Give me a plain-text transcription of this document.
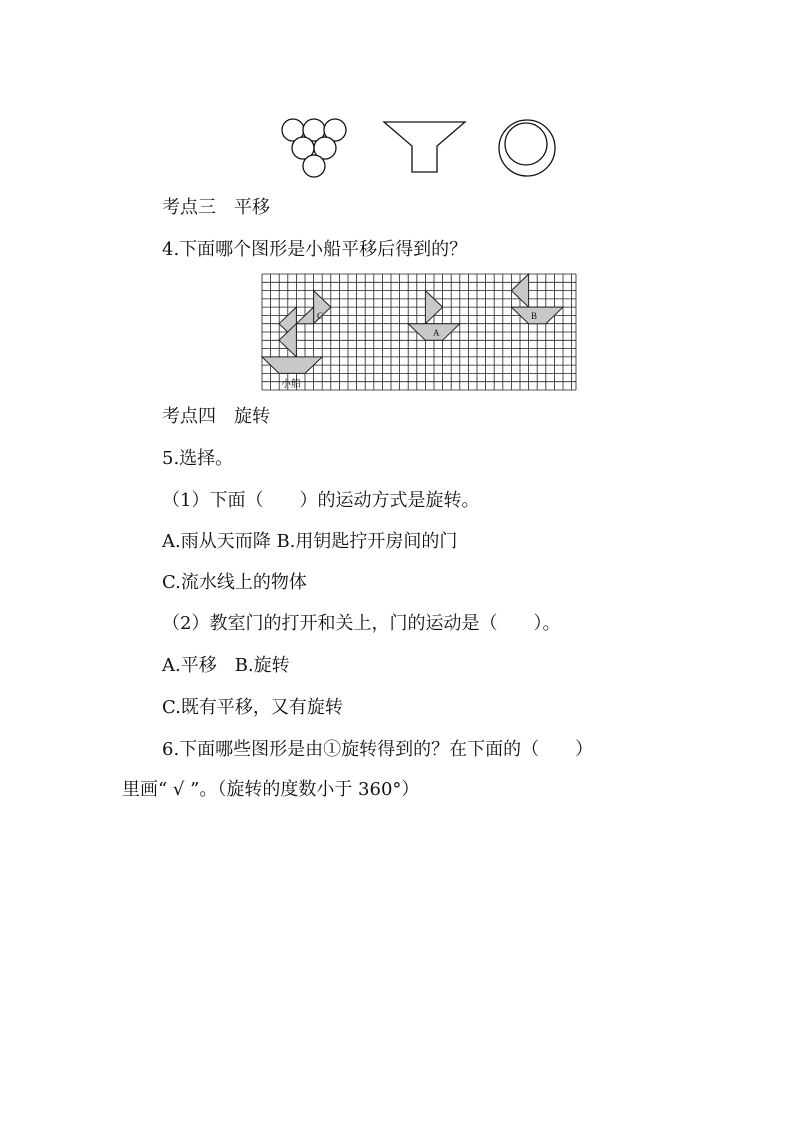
考点三　平移
4.下面哪个图形是小船平移后得到的？
C
A
B
小船
考点四　旋转
5.选择。
（1）下面（　　）的运动方式是旋转。
A.雨从天而降 B.用钥匙拧开房间的门
C.流水线上的物体
（2）教室门的打开和关上，门的运动是（　　）。
A.平移　B.旋转
C.既有平移，又有旋转
6.下面哪些图形是由①旋转得到的？在下面的（　　）
里画“ √ ”。（旋转的度数小于 360°）
